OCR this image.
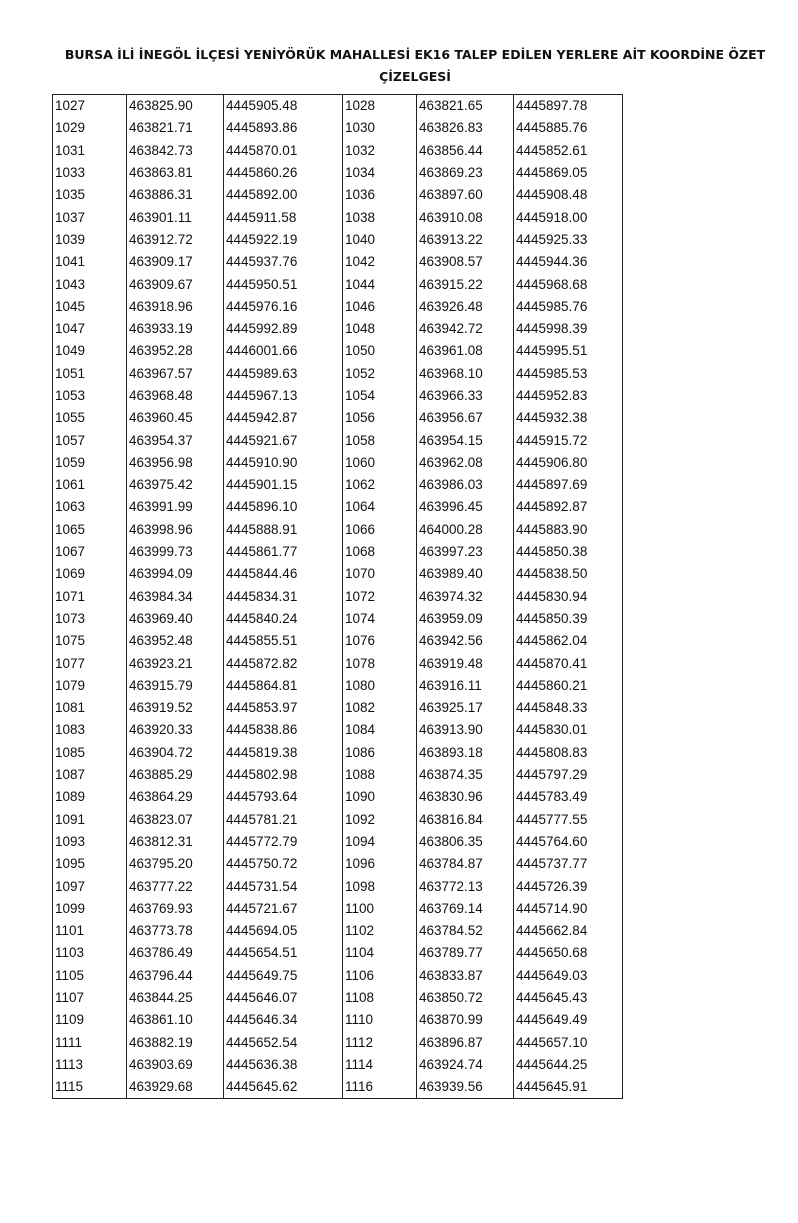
BURSA İLİ İNEGÖL İLÇESİ YENİYÖRÜK MAHALLESİ EK16 TALEP EDİLEN YERLERE AİT KOORDİNE ÖZET
ÇİZELGESİ
1027	463825.90	4445905.48	1028	463821.65	4445897.78
1029	463821.71	4445893.86	1030	463826.83	4445885.76
1031	463842.73	4445870.01	1032	463856.44	4445852.61
1033	463863.81	4445860.26	1034	463869.23	4445869.05
1035	463886.31	4445892.00	1036	463897.60	4445908.48
1037	463901.11	4445911.58	1038	463910.08	4445918.00
1039	463912.72	4445922.19	1040	463913.22	4445925.33
1041	463909.17	4445937.76	1042	463908.57	4445944.36
1043	463909.67	4445950.51	1044	463915.22	4445968.68
1045	463918.96	4445976.16	1046	463926.48	4445985.76
1047	463933.19	4445992.89	1048	463942.72	4445998.39
1049	463952.28	4446001.66	1050	463961.08	4445995.51
1051	463967.57	4445989.63	1052	463968.10	4445985.53
1053	463968.48	4445967.13	1054	463966.33	4445952.83
1055	463960.45	4445942.87	1056	463956.67	4445932.38
1057	463954.37	4445921.67	1058	463954.15	4445915.72
1059	463956.98	4445910.90	1060	463962.08	4445906.80
1061	463975.42	4445901.15	1062	463986.03	4445897.69
1063	463991.99	4445896.10	1064	463996.45	4445892.87
1065	463998.96	4445888.91	1066	464000.28	4445883.90
1067	463999.73	4445861.77	1068	463997.23	4445850.38
1069	463994.09	4445844.46	1070	463989.40	4445838.50
1071	463984.34	4445834.31	1072	463974.32	4445830.94
1073	463969.40	4445840.24	1074	463959.09	4445850.39
1075	463952.48	4445855.51	1076	463942.56	4445862.04
1077	463923.21	4445872.82	1078	463919.48	4445870.41
1079	463915.79	4445864.81	1080	463916.11	4445860.21
1081	463919.52	4445853.97	1082	463925.17	4445848.33
1083	463920.33	4445838.86	1084	463913.90	4445830.01
1085	463904.72	4445819.38	1086	463893.18	4445808.83
1087	463885.29	4445802.98	1088	463874.35	4445797.29
1089	463864.29	4445793.64	1090	463830.96	4445783.49
1091	463823.07	4445781.21	1092	463816.84	4445777.55
1093	463812.31	4445772.79	1094	463806.35	4445764.60
1095	463795.20	4445750.72	1096	463784.87	4445737.77
1097	463777.22	4445731.54	1098	463772.13	4445726.39
1099	463769.93	4445721.67	1100	463769.14	4445714.90
1101	463773.78	4445694.05	1102	463784.52	4445662.84
1103	463786.49	4445654.51	1104	463789.77	4445650.68
1105	463796.44	4445649.75	1106	463833.87	4445649.03
1107	463844.25	4445646.07	1108	463850.72	4445645.43
1109	463861.10	4445646.34	1110	463870.99	4445649.49
1111	463882.19	4445652.54	1112	463896.87	4445657.10
1113	463903.69	4445636.38	1114	463924.74	4445644.25
1115	463929.68	4445645.62	1116	463939.56	4445645.91
